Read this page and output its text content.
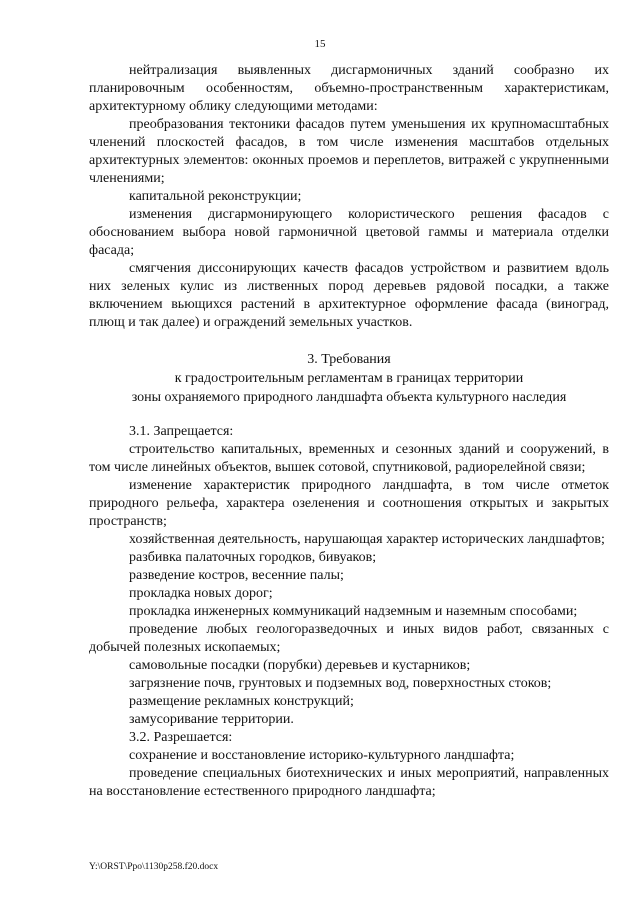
15

нейтрализация выявленных дисгармоничных зданий сообразно их планировочным особенностям, объемно-пространственным характеристикам, архитектурному облику следующими методами:

преобразования тектоники фасадов путем уменьшения их крупномасштабных членений плоскостей фасадов, в том числе изменения масштабов отдельных архитектурных элементов: оконных проемов и переплетов, витражей с укрупненными членениями;

капитальной реконструкции;

изменения дисгармонирующего колористического решения фасадов с обоснованием выбора новой гармоничной цветовой гаммы и материала отделки фасада;

смягчения диссонирующих качеств фасадов устройством и развитием вдоль них зеленых кулис из лиственных пород деревьев рядовой посадки, а также включением вьющихся растений в архитектурное оформление фасада (виноград, плющ и так далее) и ограждений земельных участков.

3. Требования
к градостроительным регламентам в границах территории
зоны охраняемого природного ландшафта объекта культурного наследия

3.1. Запрещается:

строительство капитальных, временных и сезонных зданий и сооружений, в том числе линейных объектов, вышек сотовой, спутниковой, радиорелейной связи;

изменение характеристик природного ландшафта, в том числе отметок природного рельефа, характера озеленения и соотношения открытых и закрытых пространств;

хозяйственная деятельность, нарушающая характер исторических ландшафтов;

разбивка палаточных городков, бивуаков;

разведение костров, весенние палы;

прокладка новых дорог;

прокладка инженерных коммуникаций надземным и наземным способами;

проведение любых геологоразведочных и иных видов работ, связанных с добычей полезных ископаемых;

самовольные посадки (порубки) деревьев и кустарников;

загрязнение почв, грунтовых и подземных вод, поверхностных стоков;

размещение рекламных конструкций;

замусоривание территории.

3.2. Разрешается:

сохранение и восстановление историко-культурного ландшафта;

проведение специальных биотехнических и иных мероприятий, направленных на восстановление естественного природного ландшафта;

Y:\ORST\Ppo\1130p258.f20.docx
